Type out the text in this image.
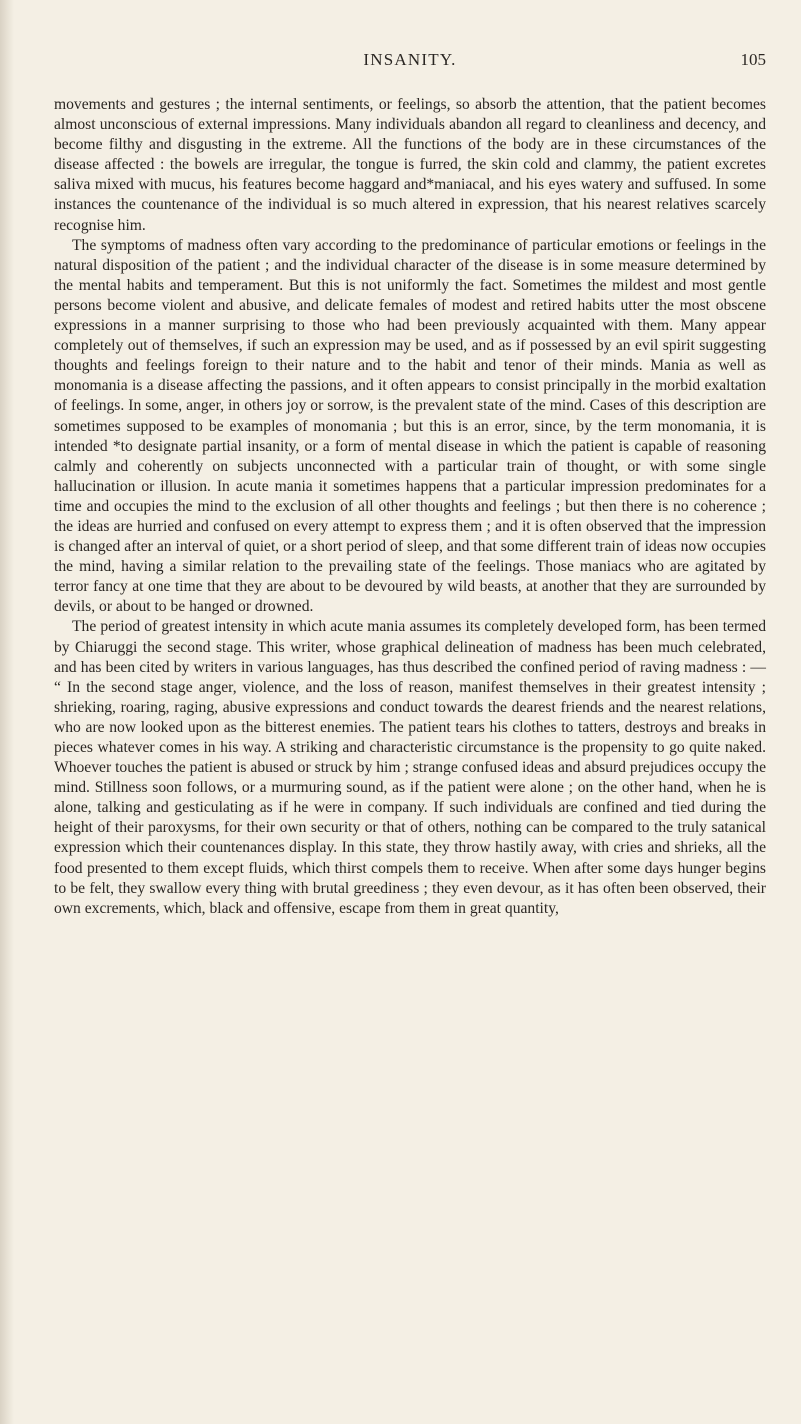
INSANITY.	105

movements and gestures ; the internal sentiments, or feelings, so absorb the attention, that the patient becomes almost unconscious of external impressions. Many individuals abandon all regard to cleanliness and decency, and become filthy and disgusting in the extreme. All the functions of the body are in these circumstances of the disease affected : the bowels are irregular, the tongue is furred, the skin cold and clammy, the patient excretes saliva mixed with mucus, his features become haggard and*maniacal, and his eyes watery and suffused. In some instances the countenance of the individual is so much altered in expression, that his nearest relatives scarcely recognise him.

The symptoms of madness often vary according to the predominance of particular emotions or feelings in the natural disposition of the patient ; and the individual character of the disease is in some measure determined by the mental habits and temperament. But this is not uniformly the fact. Sometimes the mildest and most gentle persons become violent and abusive, and delicate females of modest and retired habits utter the most obscene expressions in a manner surprising to those who had been previously acquainted with them. Many appear completely out of themselves, if such an expression may be used, and as if possessed by an evil spirit suggesting thoughts and feelings foreign to their nature and to the habit and tenor of their minds. Mania as well as monomania is a disease affecting the passions, and it often appears to consist principally in the morbid exaltation of feelings. In some, anger, in others joy or sorrow, is the prevalent state of the mind. Cases of this description are sometimes supposed to be examples of monomania ; but this is an error, since, by the term monomania, it is intended *to designate partial insanity, or a form of mental disease in which the patient is capable of reasoning calmly and coherently on subjects unconnected with a particular train of thought, or with some single hallucination or illusion. In acute mania it sometimes happens that a particular impression predominates for a time and occupies the mind to the exclusion of all other thoughts and feelings ; but then there is no coherence ; the ideas are hurried and confused on every attempt to express them ; and it is often observed that the impression is changed after an interval of quiet, or a short period of sleep, and that some different train of ideas now occupies the mind, having a similar relation to the prevailing state of the feelings. Those maniacs who are agitated by terror fancy at one time that they are about to be devoured by wild beasts, at another that they are surrounded by devils, or about to be hanged or drowned.

The period of greatest intensity in which acute mania assumes its completely developed form, has been termed by Chiaruggi the second stage. This writer, whose graphical delineation of madness has been much celebrated, and has been cited by writers in various languages, has thus described the confined period of raving madness : — “ In the second stage anger, violence, and the loss of reason, manifest themselves in their greatest intensity ; shrieking, roaring, raging, abusive expressions and conduct towards the dearest friends and the nearest relations, who are now looked upon as the bitterest enemies. The patient tears his clothes to tatters, destroys and breaks in pieces whatever comes in his way. A striking and characteristic circumstance is the propensity to go quite naked. Whoever touches the patient is abused or struck by him ; strange confused ideas and absurd prejudices occupy the mind. Stillness soon follows, or a murmuring sound, as if the patient were alone ; on the other hand, when he is alone, talking and gesticulating as if he were in company. If such individuals are confined and tied during the height of their paroxysms, for their own security or that of others, nothing can be compared to the truly satanical expression which their countenances display. In this state, they throw hastily away, with cries and shrieks, all the food presented to them except fluids, which thirst compels them to receive. When after some days hunger begins to be felt, they swallow every thing with brutal greediness ; they even devour, as it has often been observed, their own excrements, which, black and offensive, escape from them in great quantity,
